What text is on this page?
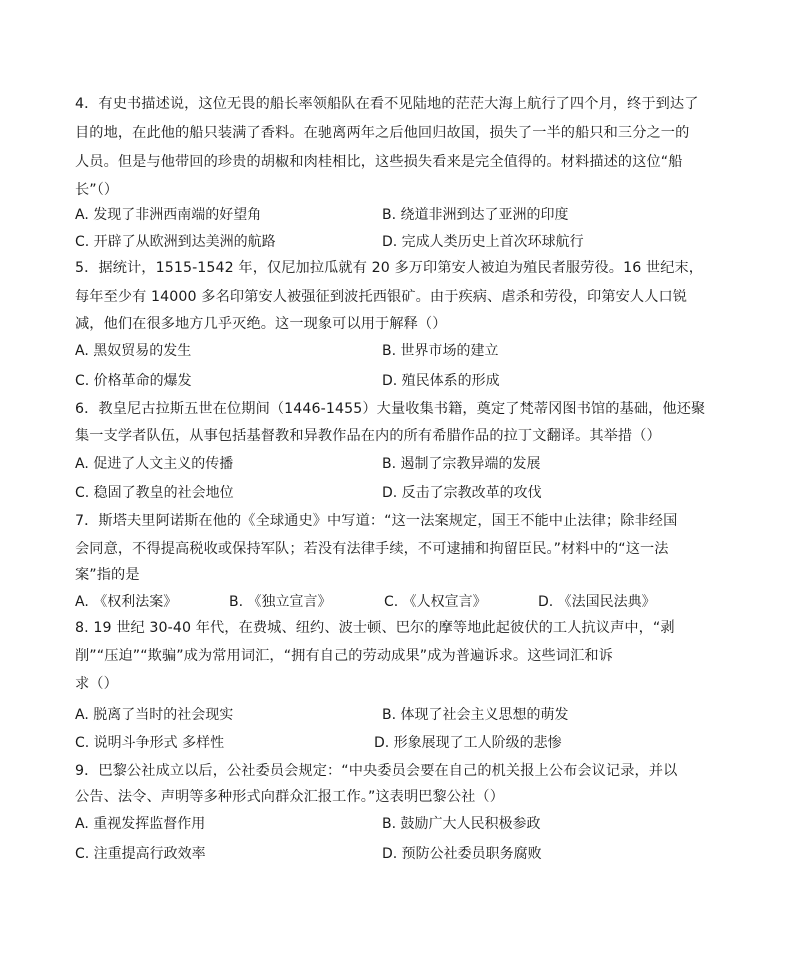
4．有史书描述说，这位无畏的船长率领船队在看不见陆地的茫茫大海上航行了四个月，终于到达了
目的地，在此他的船只装满了香料。在驰离两年之后他回归故国，损失了一半的船只和三分之一的
人员。但是与他带回的珍贵的胡椒和肉桂相比，这些损失看来是完全值得的。材料描述的这位“船
长”（）
A. 发现了非洲西南端的好望角	B. 绕道非洲到达了亚洲的印度
C. 开辟了从欧洲到达美洲的航路	D. 完成人类历史上首次环球航行
5．据统计，1515-1542 年，仅尼加拉瓜就有 20 多万印第安人被迫为殖民者服劳役。16 世纪末，
每年至少有 14000 多名印第安人被强征到波托西银矿。由于疾病、虐杀和劳役，印第安人人口锐
减，他们在很多地方几乎灭绝。这一现象可以用于解释（）
A. 黑奴贸易的发生	B. 世界市场的建立
C. 价格革命的爆发	D. 殖民体系的形成
6．教皇尼古拉斯五世在位期间（1446-1455）大量收集书籍，奠定了梵蒂冈图书馆的基础，他还聚
集一支学者队伍，从事包括基督教和异教作品在内的所有希腊作品的拉丁文翻译。其举措（）
A. 促进了人文主义的传播	B. 遏制了宗教异端的发展
C. 稳固了教皇的社会地位	D. 反击了宗教改革的攻伐
7．斯塔夫里阿诺斯在他的《全球通史》中写道：“这一法案规定，国王不能中止法律；除非经国
会同意，不得提高税收或保持军队；若没有法律手续，不可逮捕和拘留臣民。”材料中的“这一法
案”指的是
A. 《权利法案》	B. 《独立宣言》	C. 《人权宣言》	D. 《法国民法典》
8. 19 世纪 30-40 年代，在费城、纽约、波士顿、巴尔的摩等地此起彼伏的工人抗议声中，“剥
削”“压迫”“欺骗”成为常用词汇，“拥有自己的劳动成果”成为普遍诉求。这些词汇和诉
求（）
A. 脱离了当时的社会现实	B. 体现了社会主义思想的萌发
C. 说明斗争形式 多样性	D. 形象展现了工人阶级的悲惨
9．巴黎公社成立以后，公社委员会规定：“中央委员会要在自己的机关报上公布会议记录，并以
公告、法令、声明等多种形式向群众汇报工作。”这表明巴黎公社（）
A. 重视发挥监督作用	B. 鼓励广大人民积极参政
C. 注重提高行政效率	D. 预防公社委员职务腐败
